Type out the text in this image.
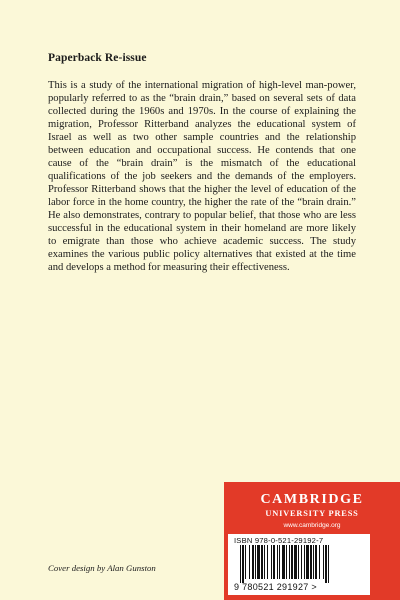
Paperback Re-issue

This is a study of the international migration of high-level man-power, popularly referred to as the “brain drain,” based on several sets of data collected during the 1960s and 1970s. In the course of explaining the migration, Professor Ritterband analyzes the educational system of Israel as well as two other sample countries and the relationship between education and occupational success. He contends that one cause of the “brain drain” is the mismatch of the educational qualifications of the job seekers and the demands of the employers. Professor Ritterband shows that the higher the level of education of the labor force in the home country, the higher the rate of the “brain drain.” He also demonstrates, contrary to popular belief, that those who are less successful in the educational system in their homeland are more likely to emigrate than those who achieve academic success. The study examines the various public policy alternatives that existed at the time and develops a method for measuring their effectiveness.

CAMBRIDGE
UNIVERSITY PRESS
www.cambridge.org
ISBN 978-0-521-29192-7
9 780521 291927 >
Cover design by Alan Gunston
